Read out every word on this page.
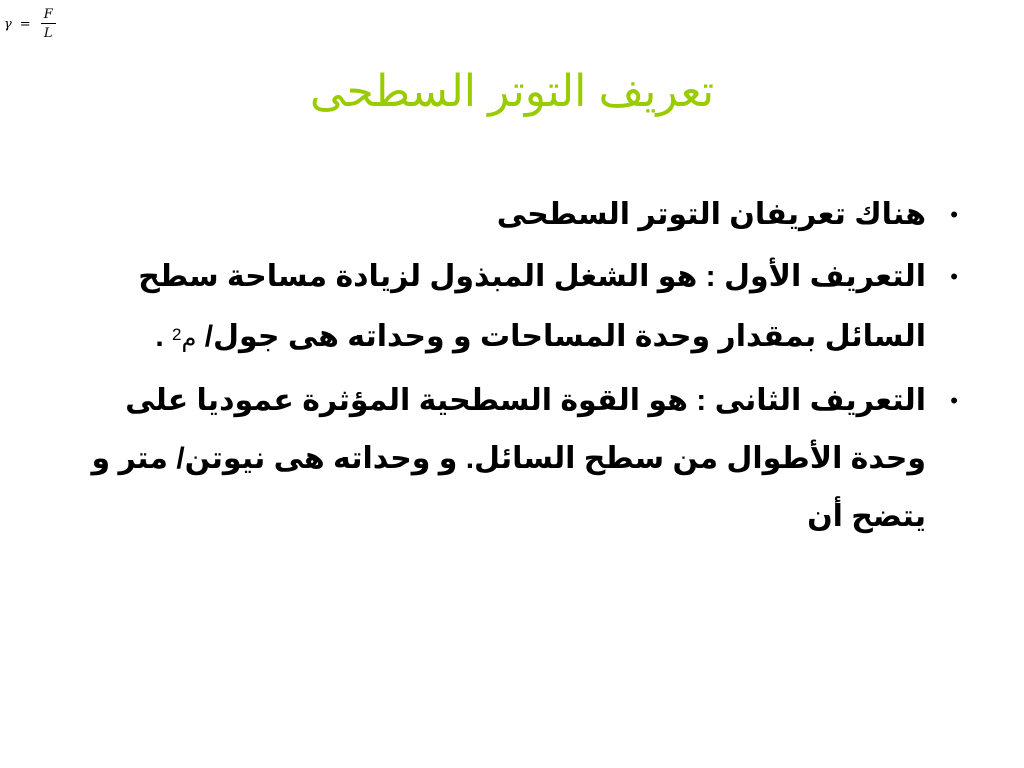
$\gamma = \frac{F}{L}$
تعريف التوتر السطحى
•
هناك تعريفان التوتر السطحى
•
التعريف الأول : هو الشغل المبذول لزيادة مساحة سطح السائل بمقدار وحدة المساحات و وحداته هى جول/ م$^2$ .
•
التعريف الثانى : هو القوة السطحية المؤثرة عموديا على وحدة الأطوال من سطح السائل. و وحداته هى نيوتن/ متر و يتضح أن
